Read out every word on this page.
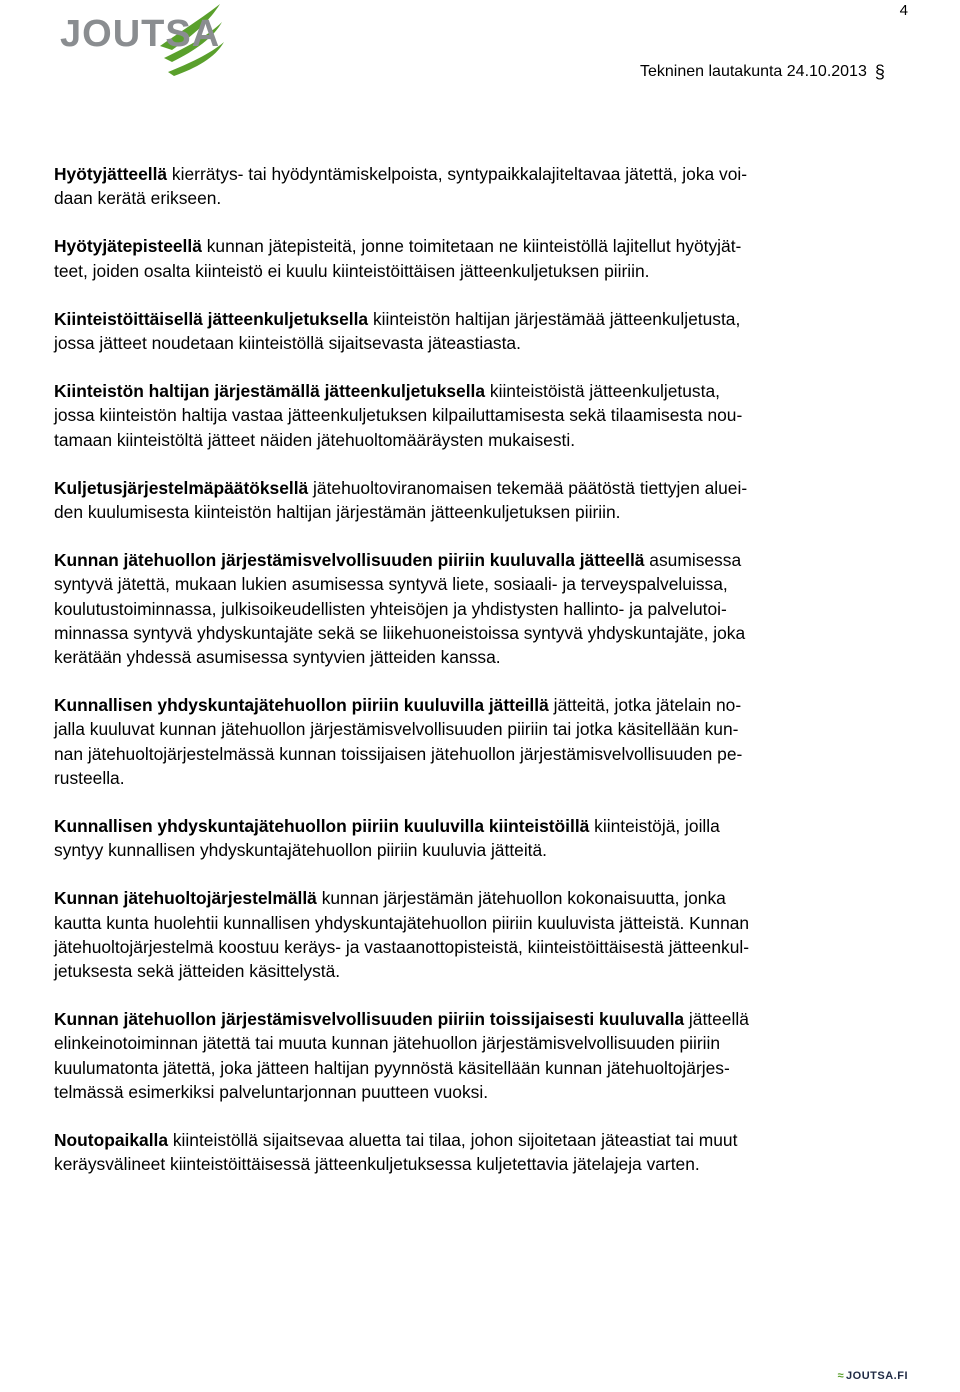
4
JOUTSA
Tekninen lautakunta 24.10.2013 §

Hyötyjätteellä kierrätys- tai hyödyntämiskelpoista, syntypaikkalajiteltavaa jätettä, joka voi-
daan kerätä erikseen.

Hyötyjätepisteellä kunnan jätepisteitä, jonne toimitetaan ne kiinteistöllä lajitellut hyötyjät-
teet, joiden osalta kiinteistö ei kuulu kiinteistöittäisen jätteenkuljetuksen piiriin.

Kiinteistöittäisellä jätteenkuljetuksella kiinteistön haltijan järjestämää jätteenkuljetusta,
jossa jätteet noudetaan kiinteistöllä sijaitsevasta jäteastiasta.

Kiinteistön haltijan järjestämällä jätteenkuljetuksella kiinteistöistä jätteenkuljetusta,
jossa kiinteistön haltija vastaa jätteenkuljetuksen kilpailuttamisesta sekä tilaamisesta nou-
tamaan kiinteistöltä jätteet näiden jätehuoltomääräysten mukaisesti.

Kuljetusjärjestelmäpäätöksellä jätehuoltoviranomaisen tekemää päätöstä tiettyjen aluei-
den kuulumisesta kiinteistön haltijan järjestämän jätteenkuljetuksen piiriin.

Kunnan jätehuollon järjestämisvelvollisuuden piiriin kuuluvalla jätteellä asumisessa
syntyvä jätettä, mukaan lukien asumisessa syntyvä liete, sosiaali- ja terveyspalveluissa,
koulutustoiminnassa, julkisoikeudellisten yhteisöjen ja yhdistysten hallinto- ja palvelutoi-
minnassa syntyvä yhdyskuntajäte sekä se liikehuoneistoissa syntyvä yhdyskuntajäte, joka
kerätään yhdessä asumisessa syntyvien jätteiden kanssa.

Kunnallisen yhdyskuntajätehuollon piiriin kuuluvilla jätteillä jätteitä, jotka jätelain no-
jalla kuuluvat kunnan jätehuollon järjestämisvelvollisuuden piiriin tai jotka käsitellään kun-
nan jätehuoltojärjestelmässä kunnan toissijaisen jätehuollon järjestämisvelvollisuuden pe-
rusteella.

Kunnallisen yhdyskuntajätehuollon piiriin kuuluvilla kiinteistöillä kiinteistöjä, joilla
syntyy kunnallisen yhdyskuntajätehuollon piiriin kuuluvia jätteitä.

Kunnan jätehuoltojärjestelmällä kunnan järjestämän jätehuollon kokonaisuutta, jonka
kautta kunta huolehtii kunnallisen yhdyskuntajätehuollon piiriin kuuluvista jätteistä. Kunnan
jätehuoltojärjestelmä koostuu keräys- ja vastaanottopisteistä, kiinteistöittäisestä jätteenkul-
jetuksesta sekä jätteiden käsittelystä.

Kunnan jätehuollon järjestämisvelvollisuuden piiriin toissijaisesti kuuluvalla jätteellä
elinkeinotoiminnan jätettä tai muuta kunnan jätehuollon järjestämisvelvollisuuden piiriin
kuulumatonta jätettä, joka jätteen haltijan pyynnöstä käsitellään kunnan jätehuoltojärjes-
telmässä esimerkiksi palveluntarjonnan puutteen vuoksi.

Noutopaikalla kiinteistöllä sijaitsevaa aluetta tai tilaa, johon sijoitetaan jäteastiat tai muut
keräysvälineet kiinteistöittäisessä jätteenkuljetuksessa kuljetettavia jätelajeja varten.

≈ JOUTSA.FI
